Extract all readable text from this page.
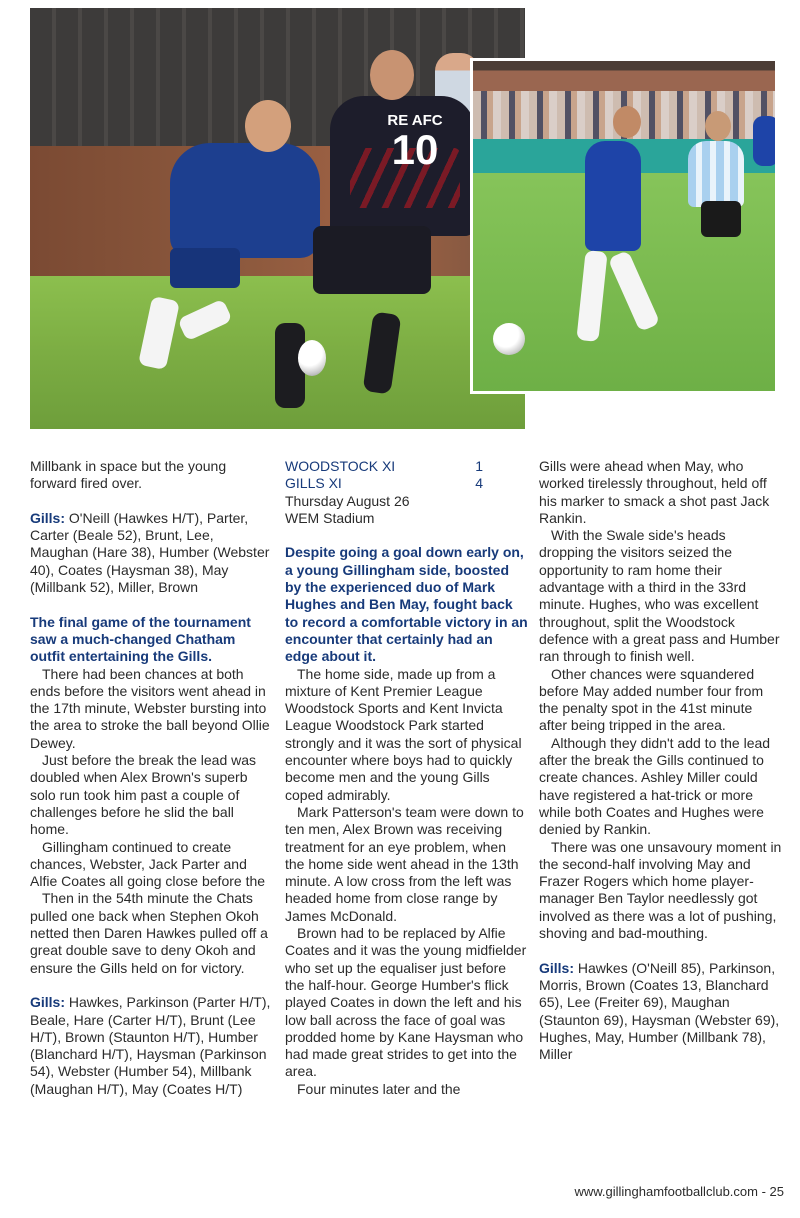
RE AFC
10

Millbank in space but the young forward fired over.

Gills: O'Neill (Hawkes H/T), Parter, Carter (Beale 52), Brunt, Lee, Maughan (Hare 38), Humber (Webster 40), Coates (Haysman 38), May (Millbank 52), Miller, Brown

The final game of the tournament saw a much-changed Chatham outfit entertaining the Gills.

There had been chances at both ends before the visitors went ahead in the 17th minute, Webster bursting into the area to stroke the ball beyond Ollie Dewey.

Just before the break the lead was doubled when Alex Brown's superb solo run took him past a couple of challenges before he slid the ball home.

Gillingham continued to create chances, Webster, Jack Parter and Alfie Coates all going close before the

Then in the 54th minute the Chats pulled one back when Stephen Okoh netted then Daren Hawkes pulled off a great double save to deny Okoh and ensure the Gills held on for victory.

Gills: Hawkes, Parkinson (Parter H/T), Beale, Hare (Carter H/T), Brunt (Lee H/T), Brown (Staunton H/T), Humber (Blanchard H/T), Haysman (Parkinson 54), Webster (Humber 54), Millbank (Maughan H/T), May (Coates H/T)

WOODSTOCK XI	1
GILLS XI	4

Thursday August 26

WEM Stadium

Despite going a goal down early on, a young Gillingham side, boosted by the experienced duo of Mark Hughes and Ben May, fought back to record a comfortable victory in an encounter that certainly had an edge about it.

The home side, made up from a mixture of Kent Premier League Woodstock Sports and Kent Invicta League Woodstock Park started strongly and it was the sort of physical encounter where boys had to quickly become men and the young Gills coped admirably.

Mark Patterson's team were down to ten men, Alex Brown was receiving treatment for an eye problem, when the home side went ahead in the 13th minute. A low cross from the left was headed home from close range by James McDonald.

Brown had to be replaced by Alfie Coates and it was the young midfielder who set up the equaliser just before the half-hour. George Humber's flick played Coates in down the left and his low ball across the face of goal was prodded home by Kane Haysman who had made great strides to get into the area.

Four minutes later and the

Gills were ahead when May, who worked tirelessly throughout, held off his marker to smack a shot past Jack Rankin.

With the Swale side's heads dropping the visitors seized the opportunity to ram home their advantage with a third in the 33rd minute. Hughes, who was excellent throughout, split the Woodstock defence with a great pass and Humber ran through to finish well.

Other chances were squandered before May added number four from the penalty spot in the 41st minute after being tripped in the area.

Although they didn't add to the lead after the break the Gills continued to create chances. Ashley Miller could have registered a hat-trick or more while both Coates and Hughes were denied by Rankin.

There was one unsavoury moment in the second-half involving May and Frazer Rogers which home player-manager Ben Taylor needlessly got involved as there was a lot of pushing, shoving and bad-mouthing.

Gills: Hawkes (O'Neill 85), Parkinson, Morris, Brown (Coates 13, Blanchard 65), Lee (Freiter 69), Maughan (Staunton 69), Haysman (Webster 69), Hughes, May, Humber (Millbank 78), Miller

www.gillinghamfootballclub.com - 25
